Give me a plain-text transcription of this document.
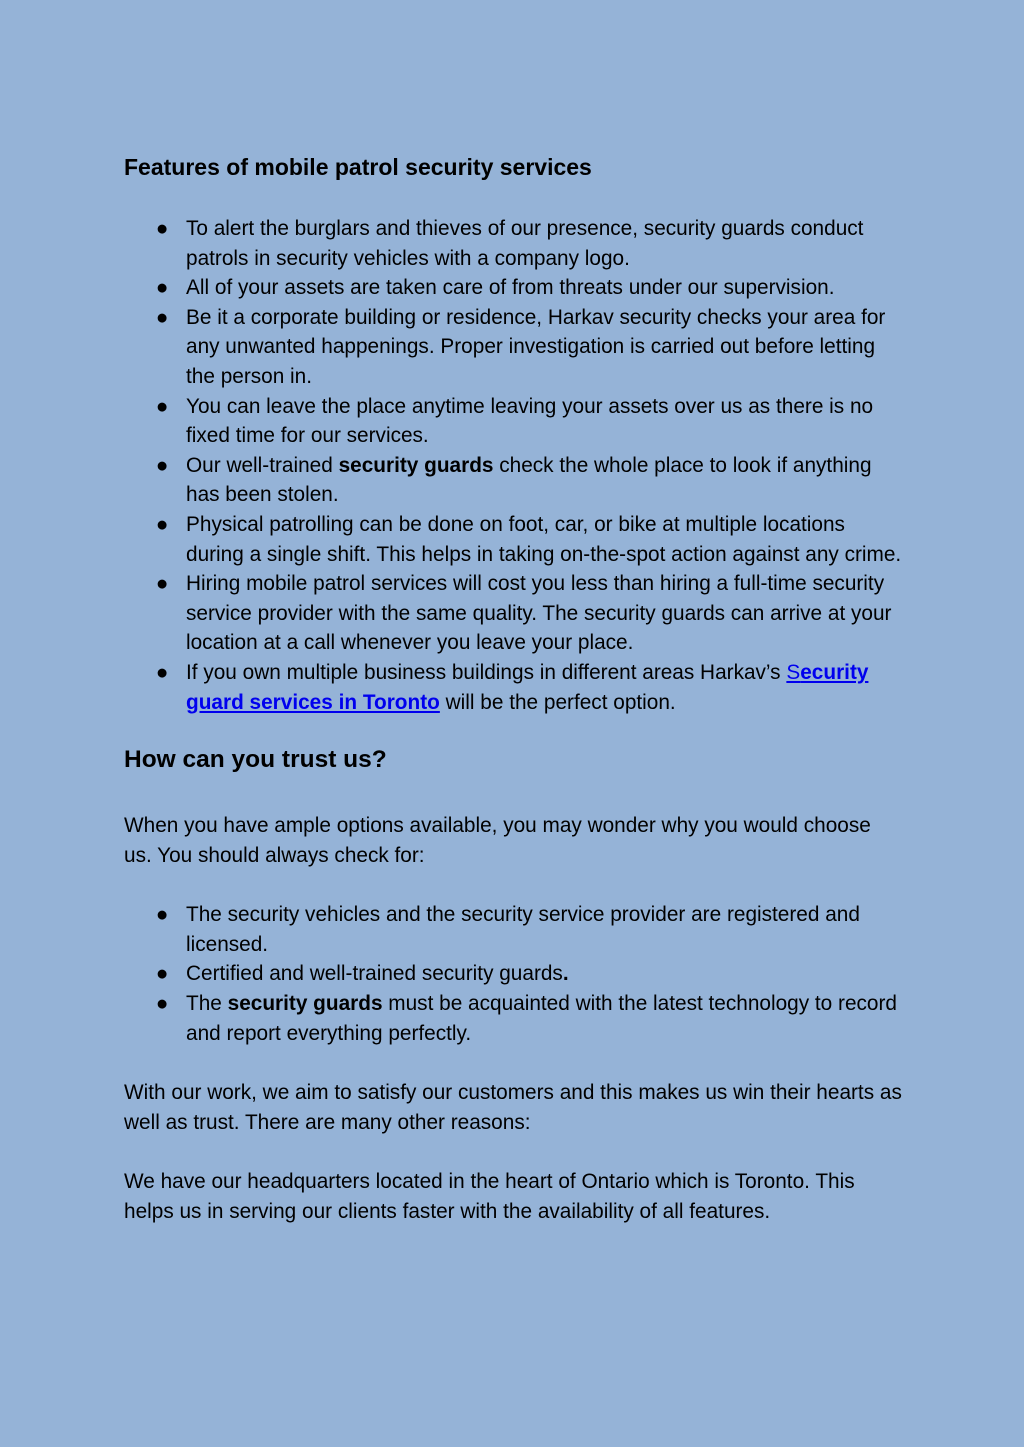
Features of mobile patrol security services
● To alert the burglars and thieves of our presence, security guards conduct patrols in security vehicles with a company logo.
● All of your assets are taken care of from threats under our supervision.
● Be it a corporate building or residence, Harkav security checks your area for any unwanted happenings. Proper investigation is carried out before letting the person in.
● You can leave the place anytime leaving your assets over us as there is no fixed time for our services.
● Our well-trained security guards check the whole place to look if anything has been stolen.
● Physical patrolling can be done on foot, car, or bike at multiple locations during a single shift. This helps in taking on-the-spot action against any crime.
● Hiring mobile patrol services will cost you less than hiring a full-time security service provider with the same quality. The security guards can arrive at your location at a call whenever you leave your place.
● If you own multiple business buildings in different areas Harkav’s Security guard services in Toronto will be the perfect option.
How can you trust us?

When you have ample options available, you may wonder why you would choose us. You should always check for:

● The security vehicles and the security service provider are registered and licensed.
● Certified and well-trained security guards.
● The security guards must be acquainted with the latest technology to record and report everything perfectly.

With our work, we aim to satisfy our customers and this makes us win their hearts as well as trust. There are many other reasons:

We have our headquarters located in the heart of Ontario which is Toronto. This helps us in serving our clients faster with the availability of all features.
